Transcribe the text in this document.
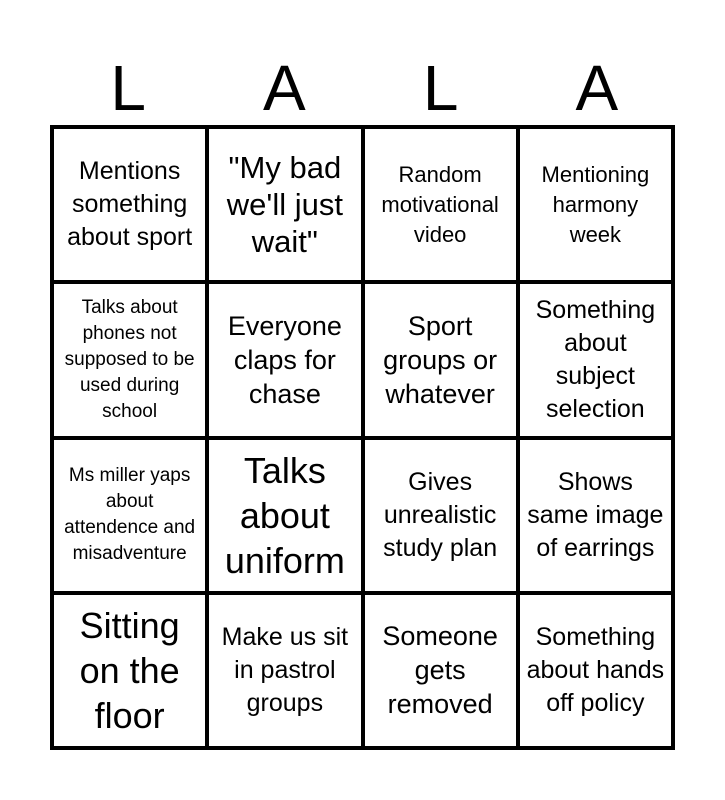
L	A	L	A
Mentions something about sport
"My bad we'll just wait"
Random motivational video
Mentioning harmony week
Talks about phones not supposed to be used during school
Everyone claps for chase
Sport groups or whatever
Something about subject selection
Ms miller yaps about attendence and misadventure
Talks about uniform
Gives unrealistic study plan
Shows same image of earrings
Sitting on the floor
Make us sit in pastrol groups
Someone gets removed
Something about hands off policy
